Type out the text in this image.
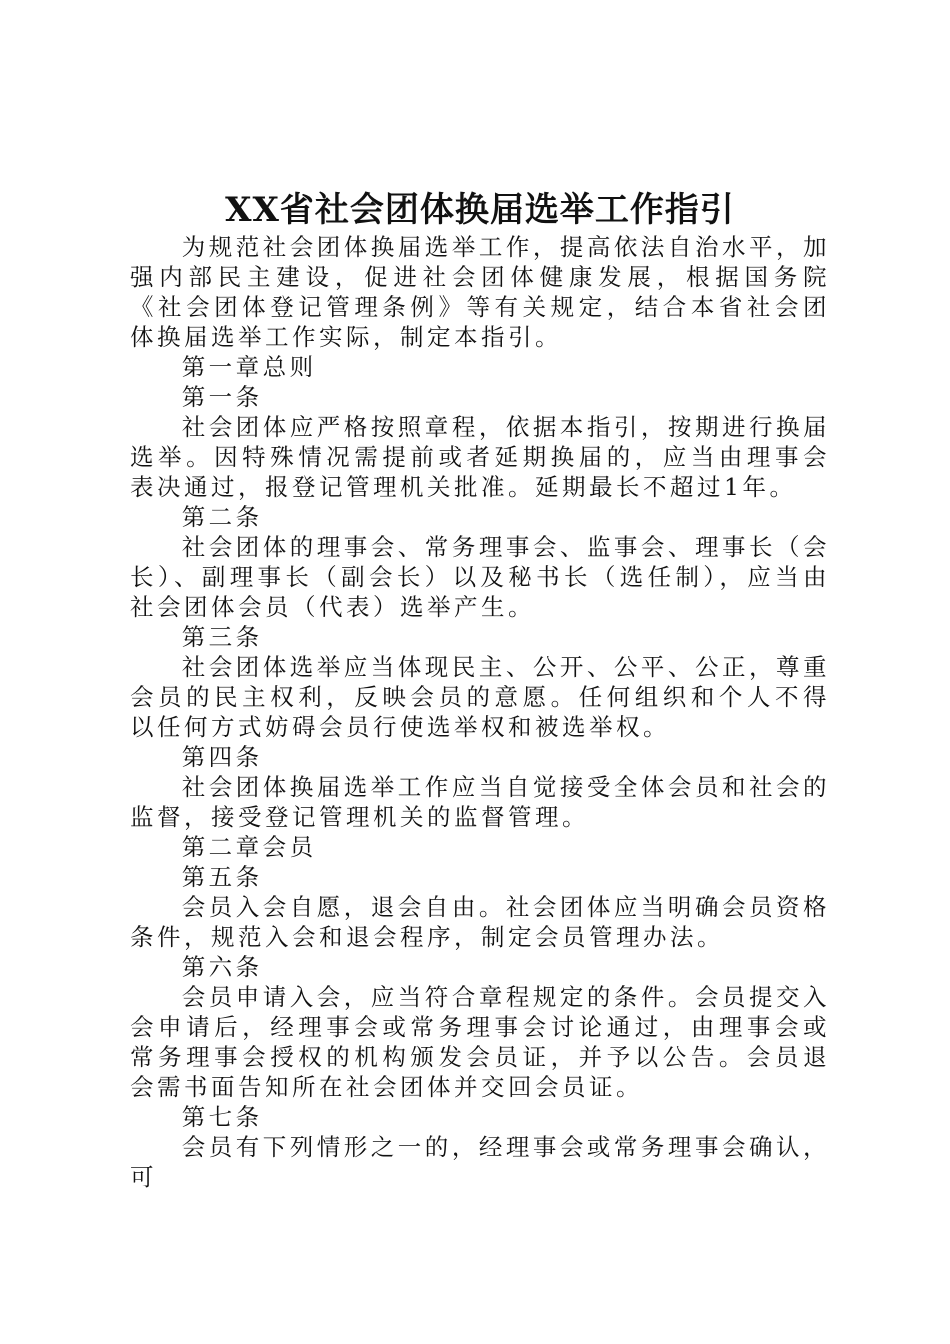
XX省社会团体换届选举工作指引

为规范社会团体换届选举工作，提高依法自治水平，加强内部民主建设，促进社会团体健康发展，根据国务院《社会团体登记管理条例》等有关规定，结合本省社会团体换届选举工作实际，制定本指引。

第一章总则

第一条

社会团体应严格按照章程，依据本指引，按期进行换届选举。因特殊情况需提前或者延期换届的，应当由理事会表决通过，报登记管理机关批准。延期最长不超过1年。

第二条

社会团体的理事会、常务理事会、监事会、理事长（会长）、副理事长（副会长）以及秘书长（选任制），应当由社会团体会员（代表）选举产生。

第三条

社会团体选举应当体现民主、公开、公平、公正，尊重会员的民主权利，反映会员的意愿。任何组织和个人不得以任何方式妨碍会员行使选举权和被选举权。

第四条

社会团体换届选举工作应当自觉接受全体会员和社会的监督，接受登记管理机关的监督管理。

第二章会员

第五条

会员入会自愿，退会自由。社会团体应当明确会员资格条件，规范入会和退会程序，制定会员管理办法。

第六条

会员申请入会，应当符合章程规定的条件。会员提交入会申请后，经理事会或常务理事会讨论通过，由理事会或常务理事会授权的机构颁发会员证，并予以公告。会员退会需书面告知所在社会团体并交回会员证。

第七条

会员有下列情形之一的，经理事会或常务理事会确认，可
